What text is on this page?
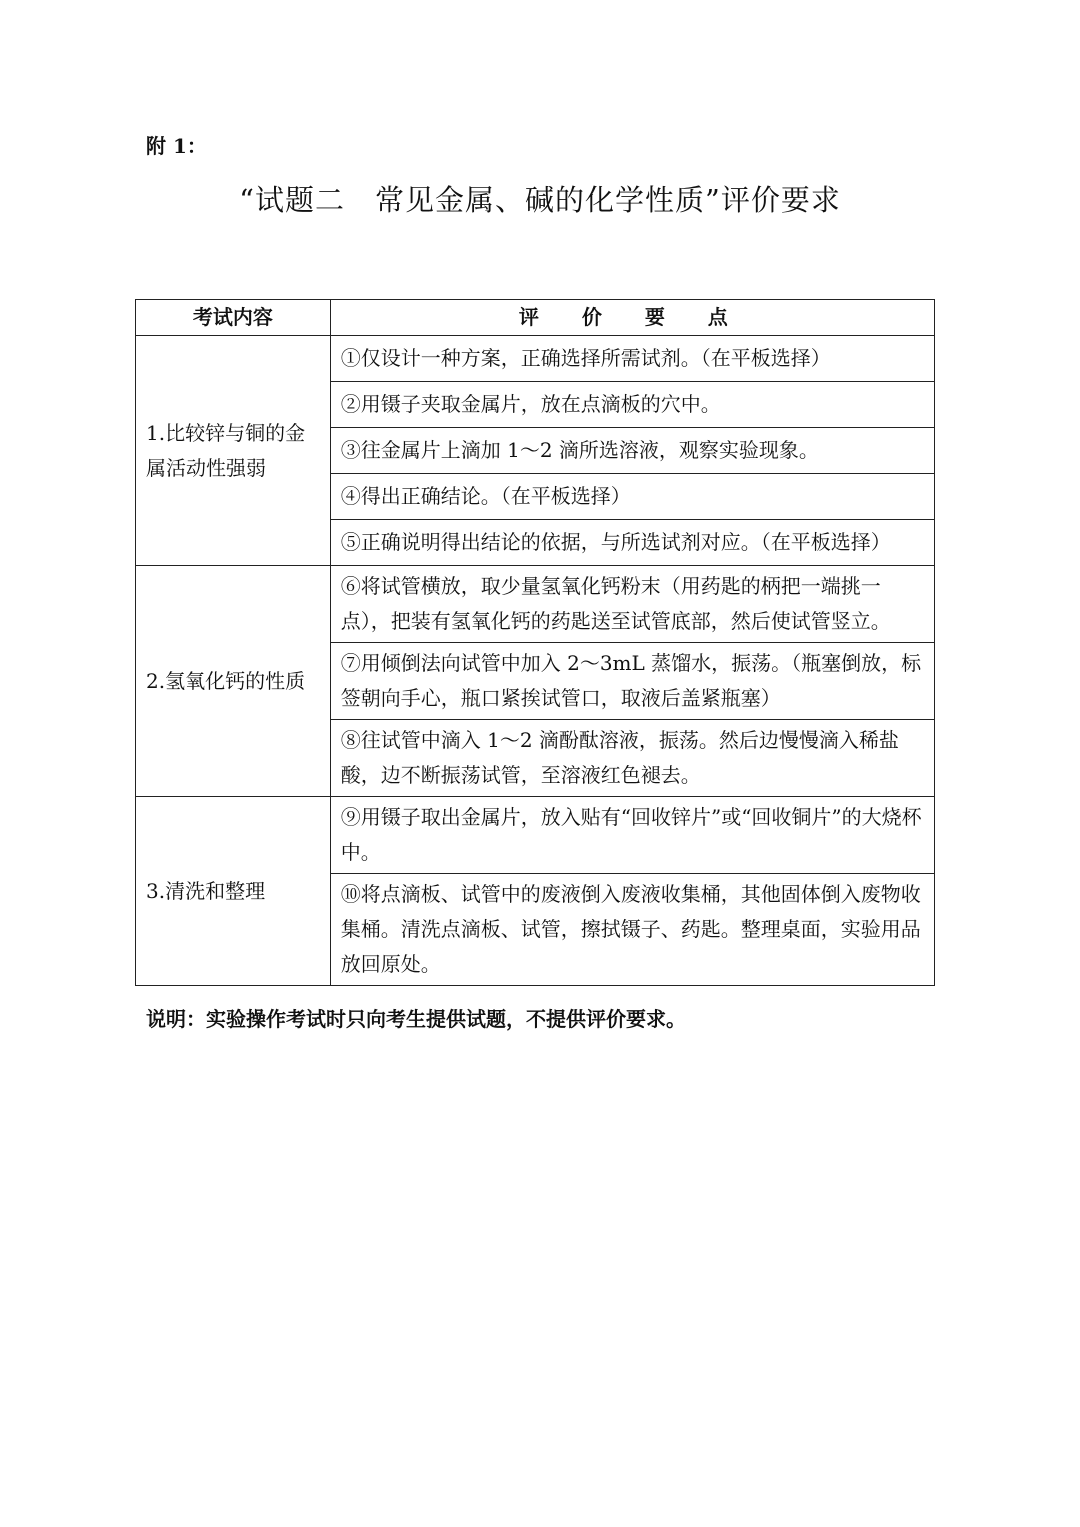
附 1：

“试题二　常见金属、碱的化学性质”评价要求
考试内容	评 价 要 点
1.比较锌与铜的金属活动性强弱	①仅设计一种方案，正确选择所需试剂。（在平板选择）
	②用镊子夹取金属片，放在点滴板的穴中。
	③往金属片上滴加 1～2 滴所选溶液，观察实验现象。
	④得出正确结论。（在平板选择）
	⑤正确说明得出结论的依据，与所选试剂对应。（在平板选择）
2.氢氧化钙的性质	⑥将试管横放，取少量氢氧化钙粉末（用药匙的柄把一端挑一点），把装有氢氧化钙的药匙送至试管底部，然后使试管竖立。
	⑦用倾倒法向试管中加入 2～3mL 蒸馏水，振荡。（瓶塞倒放，标签朝向手心，瓶口紧挨试管口，取液后盖紧瓶塞）
	⑧往试管中滴入 1～2 滴酚酞溶液，振荡。然后边慢慢滴入稀盐酸，边不断振荡试管，至溶液红色褪去。
3.清洗和整理	⑨用镊子取出金属片，放入贴有“回收锌片”或“回收铜片”的大烧杯中。
	⑩将点滴板、试管中的废液倒入废液收集桶，其他固体倒入废物收集桶。清洗点滴板、试管，擦拭镊子、药匙。整理桌面，实验用品放回原处。

说明：实验操作考试时只向考生提供试题，不提供评价要求。
